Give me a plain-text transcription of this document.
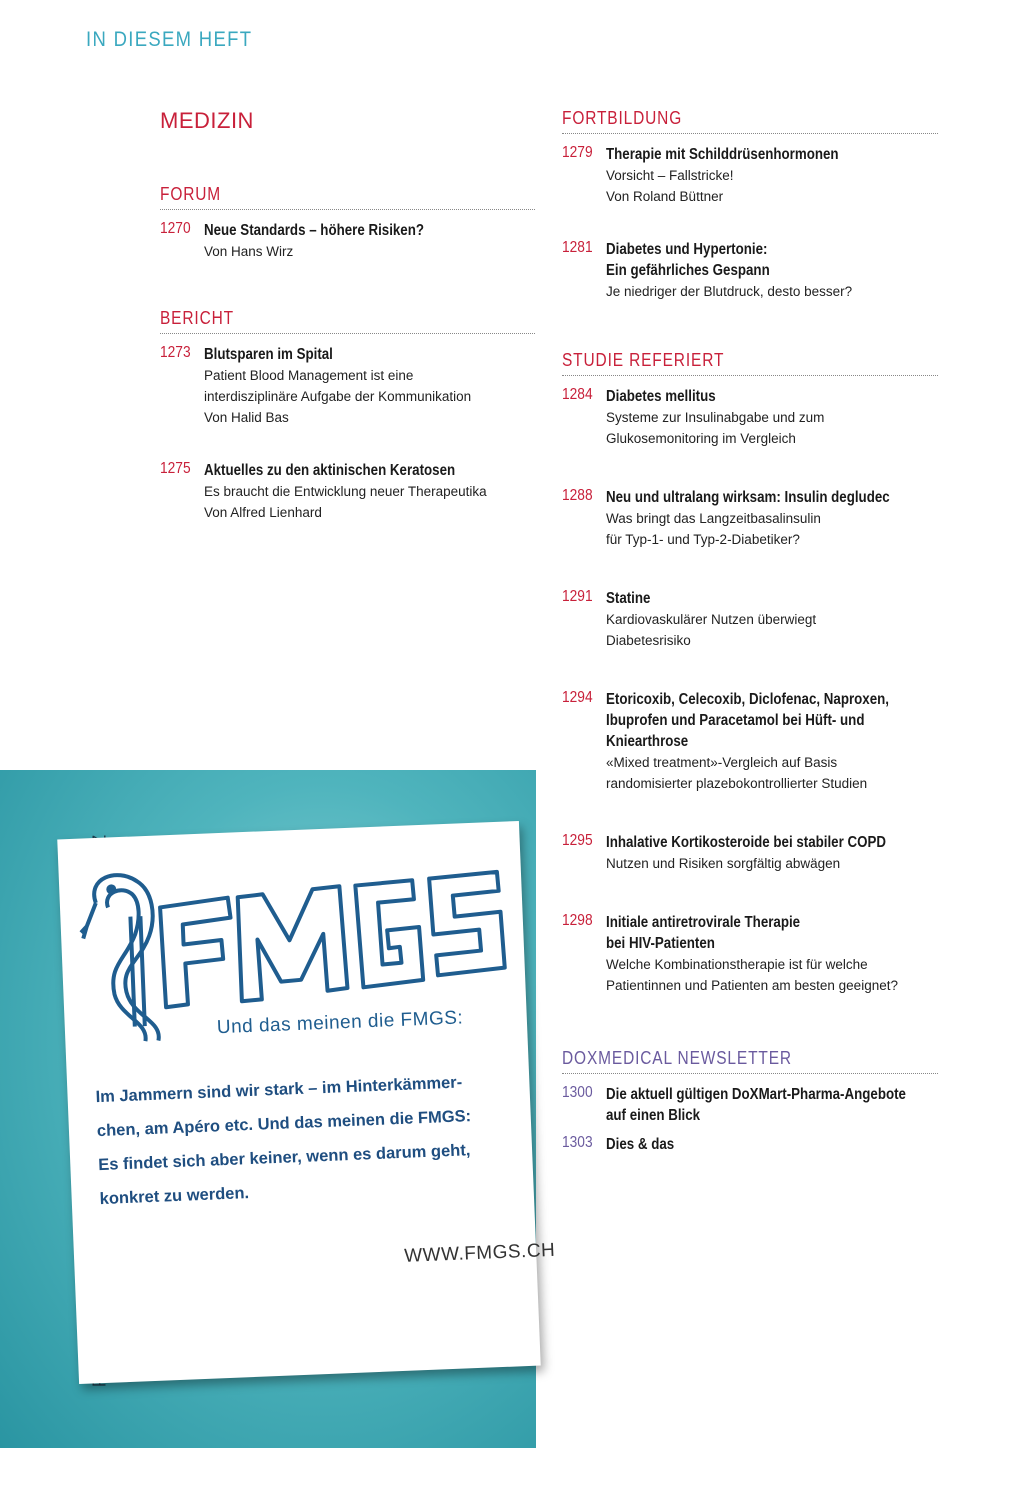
IN DIESEM HEFT
MEDIZIN
FORUM
1270 Neue Standards – höhere Risiken?
Von Hans Wirz
BERICHT
1273 Blutsparen im Spital
Patient Blood Management ist eine
interdisziplinäre Aufgabe der Kommunikation
Von Halid Bas
1275 Aktuelles zu den aktinischen Keratosen
Es braucht die Entwicklung neuer Therapeutika
Von Alfred Lienhard
FORTBILDUNG
1279 Therapie mit Schilddrüsenhormonen
Vorsicht – Fallstricke!
Von Roland Büttner
1281 Diabetes und Hypertonie:
Ein gefährliches Gespann
Je niedriger der Blutdruck, desto besser?
STUDIE REFERIERT
1284 Diabetes mellitus
Systeme zur Insulinabgabe und zum
Glukosemonitoring im Vergleich
1288 Neu und ultralang wirksam: Insulin degludec
Was bringt das Langzeitbasalinsulin
für Typ-1- und Typ-2-Diabetiker?
1291 Statine
Kardiovaskulärer Nutzen überwiegt
Diabetesrisiko
1294 Etoricoxib, Celecoxib, Diclofenac, Naproxen,
Ibuprofen und Paracetamol bei Hüft- und
Kniearthrose
«Mixed treatment»-Vergleich auf Basis
randomisierter plazebokontrollierter Studien
1295 Inhalative Kortikosteroide bei stabiler COPD
Nutzen und Risiken sorgfältig abwägen
1298 Initiale antiretrovirale Therapie
bei HIV-Patienten
Welche Kombinationstherapie ist für welche
Patientinnen und Patienten am besten geeignet?
DOXMEDICAL NEWSLETTER
1300 Die aktuell gültigen DoXMart-Pharma-Angebote
auf einen Blick
1303 Dies & das
Und das meinen die FMGS:
Im Jammern sind wir stark – im Hinterkämmer-
chen, am Apéro etc. Und das meinen die FMGS:
Es findet sich aber keiner, wenn es darum geht,
konkret zu werden.
WWW.FMGS.CH
